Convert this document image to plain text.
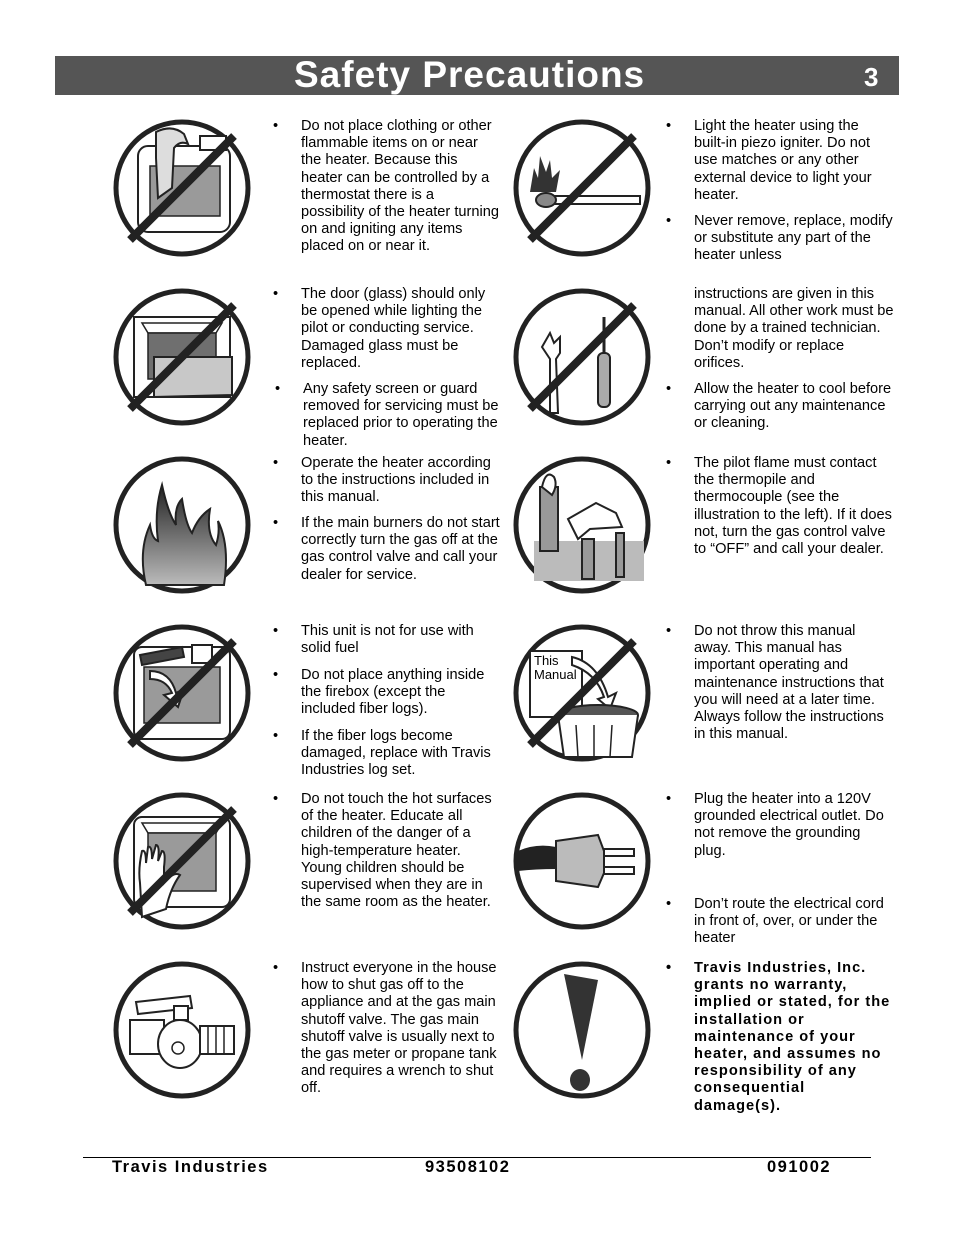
Safety Precautions	3
This
Manual
• Do not place clothing or other flammable items on or near the heater. Because this heater can be controlled by a thermostat there is a possibility of the heater turning on and igniting any items placed on or near it.
• The door (glass) should only be opened while lighting the pilot or conducting service. Damaged glass must be replaced.
• Any safety screen or guard removed for servicing must be replaced prior to operating the heater.
• Operate the heater according to the instructions included in this manual.
• If the main burners do not start correctly turn the gas off at the gas control valve and call your dealer for service.
• This unit is not for use with solid fuel
• Do not place anything inside the firebox (except the included fiber logs).
• If the fiber logs become damaged, replace with Travis Industries log set.
• Do not touch the hot surfaces of the heater. Educate all children of the danger of a high-temperature heater. Young children should be supervised when they are in the same room as the heater.
• Instruct everyone in the house how to shut gas off to the appliance and at the gas main shutoff valve. The gas main shutoff valve is usually next to the gas meter or propane tank and requires a wrench to shut off.
• Light the heater using the built-in piezo igniter. Do not use matches or any other external device to light your heater.
• Never remove, replace, modify or substitute any part of the heater unless
instructions are given in this manual. All other work must be done by a trained technician. Don’t modify or replace orifices.
• Allow the heater to cool before carrying out any maintenance or cleaning.
• The pilot flame must contact the thermopile and thermocouple (see the illustration to the left). If it does not, turn the gas control valve to “OFF” and call your dealer.
• Do not throw this manual away. This manual has important operating and maintenance instructions that you will need at a later time. Always follow the instructions in this manual.
• Plug the heater into a 120V grounded electrical outlet. Do not remove the grounding plug.
• Don’t route the electrical cord in front of, over, or under the heater
• Travis Industries, Inc. grants no warranty, implied or stated, for the installation or maintenance of your heater, and assumes no responsibility of any consequential damage(s).
Travis Industries	93508102	091002
